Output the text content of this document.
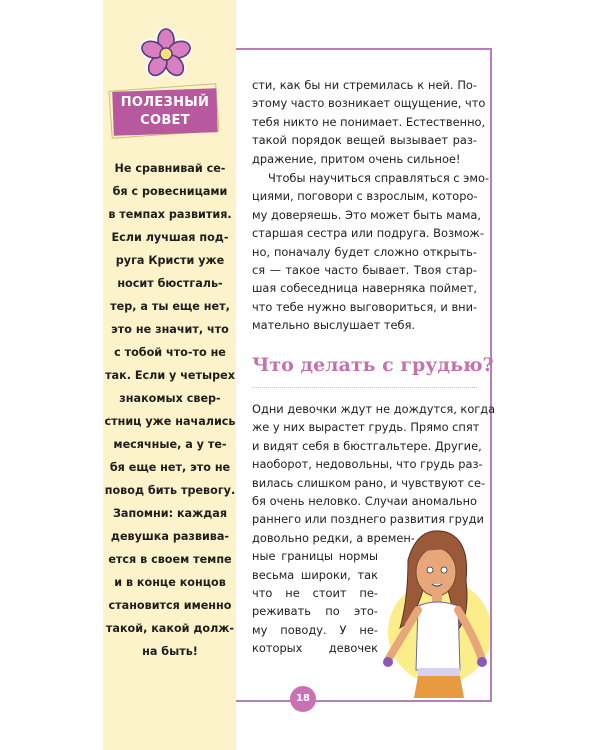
ПОЛЕЗНЫЙ
СОВЕТ
Не сравнивай се-
бя с ровесницами
в темпах развития.
Если лучшая под-
руга Кристи уже
носит бюстгаль-
тер, а ты еще нет,
это не значит, что
с тобой что-то не
так. Если у четырех
знакомых свер-
стниц уже начались
месячные, а у те-
бя еще нет, это не
повод бить тревогу.
Запомни: каждая
девушка развива-
ется в своем темпе
и в конце концов
становится именно
такой, какой долж-
на быть!
сти, как бы ни стремилась к ней. По-
этому часто возникает ощущение, что
тебя никто не понимает. Естественно,
такой порядок вещей вызывает раз-
дражение, притом очень сильное!
Чтобы научиться справляться с эмо-
циями, поговори с взрослым, которо-
му доверяешь. Это может быть мама,
старшая сестра или подруга. Возмож-
но, поначалу будет сложно открыть-
ся — такое часто бывает. Твоя стар-
шая собеседница наверняка поймет,
что тебе нужно выговориться, и вни-
мательно выслушает тебя.
Что делать с грудью?
Одни девочки ждут не дождутся, когда
же у них вырастет грудь. Прямо спят
и видят себя в бюстгальтере. Другие,
наоборот, недовольны, что грудь раз-
вилась слишком рано, и чувствуют се-
бя очень неловко. Случаи аномально
раннего или позднего развития груди
довольно редки, а времен-
ные границы нормы
весьма широки, так
что не стоит пе-
реживать по это-
му поводу. У не-
которых девочек
18
